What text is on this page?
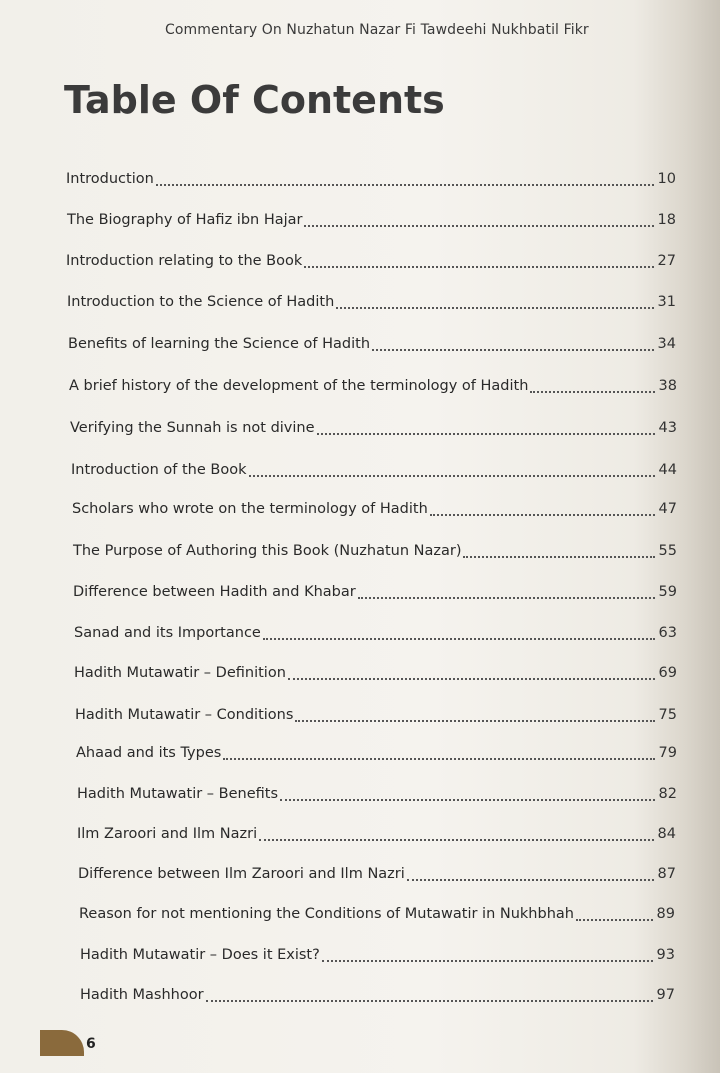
Commentary On Nuzhatun Nazar Fi Tawdeehi Nukhbatil Fikr
Table Of Contents
Introduction	10
The Biography of Hafiz ibn Hajar	18
Introduction relating to the Book	27
Introduction to the Science of Hadith	31
Benefits of learning the Science of Hadith	34
A brief history of the development of the terminology of Hadith	38
Verifying the Sunnah is not divine	43
Introduction of the Book	44
Scholars who wrote on the terminology of Hadith	47
The Purpose of Authoring this Book (Nuzhatun Nazar)	55
Difference between Hadith and Khabar	59
Sanad and its Importance	63
Hadith Mutawatir – Definition	69
Hadith Mutawatir – Conditions	75
Ahaad and its Types	79
Hadith Mutawatir – Benefits	82
Ilm Zaroori and Ilm Nazri	84
Difference between Ilm Zaroori and Ilm Nazri	87
Reason for not mentioning the Conditions of Mutawatir in Nukhbhah	89
Hadith Mutawatir – Does it Exist?	93
Hadith Mashhoor	97
6
